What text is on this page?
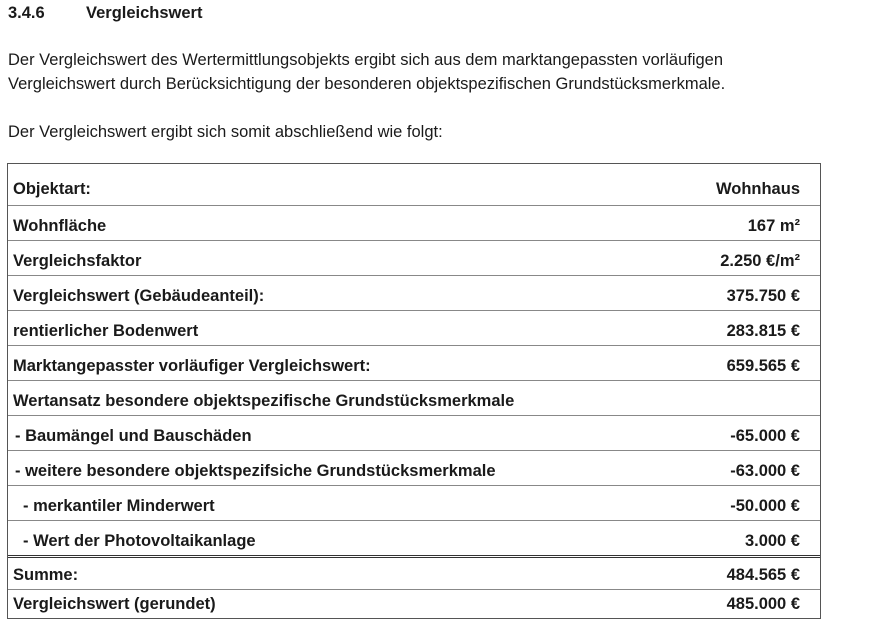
3.4.6	Vergleichswert
Der Vergleichswert des Wertermittlungsobjekts ergibt sich aus dem marktangepassten vorläufigen
Vergleichswert durch Berücksichtigung der besonderen objektspezifischen Grundstücksmerkmale.
Der Vergleichswert ergibt sich somit abschließend wie folgt:
Objektart:	Wohnhaus
Wohnfläche	167 m²
Vergleichsfaktor	2.250 €/m²
Vergleichswert (Gebäudeanteil):	375.750 €
rentierlicher Bodenwert	283.815 €
Marktangepasster vorläufiger Vergleichswert:	659.565 €
Wertansatz besondere objektspezifische Grundstücksmerkmale
- Baumängel und Bauschäden	-65.000 €
- weitere besondere objektspezifsiche Grundstücksmerkmale	-63.000 €
- merkantiler Minderwert	-50.000 €
- Wert der Photovoltaikanlage	3.000 €
Summe:	484.565 €
Vergleichswert (gerundet)	485.000 €
